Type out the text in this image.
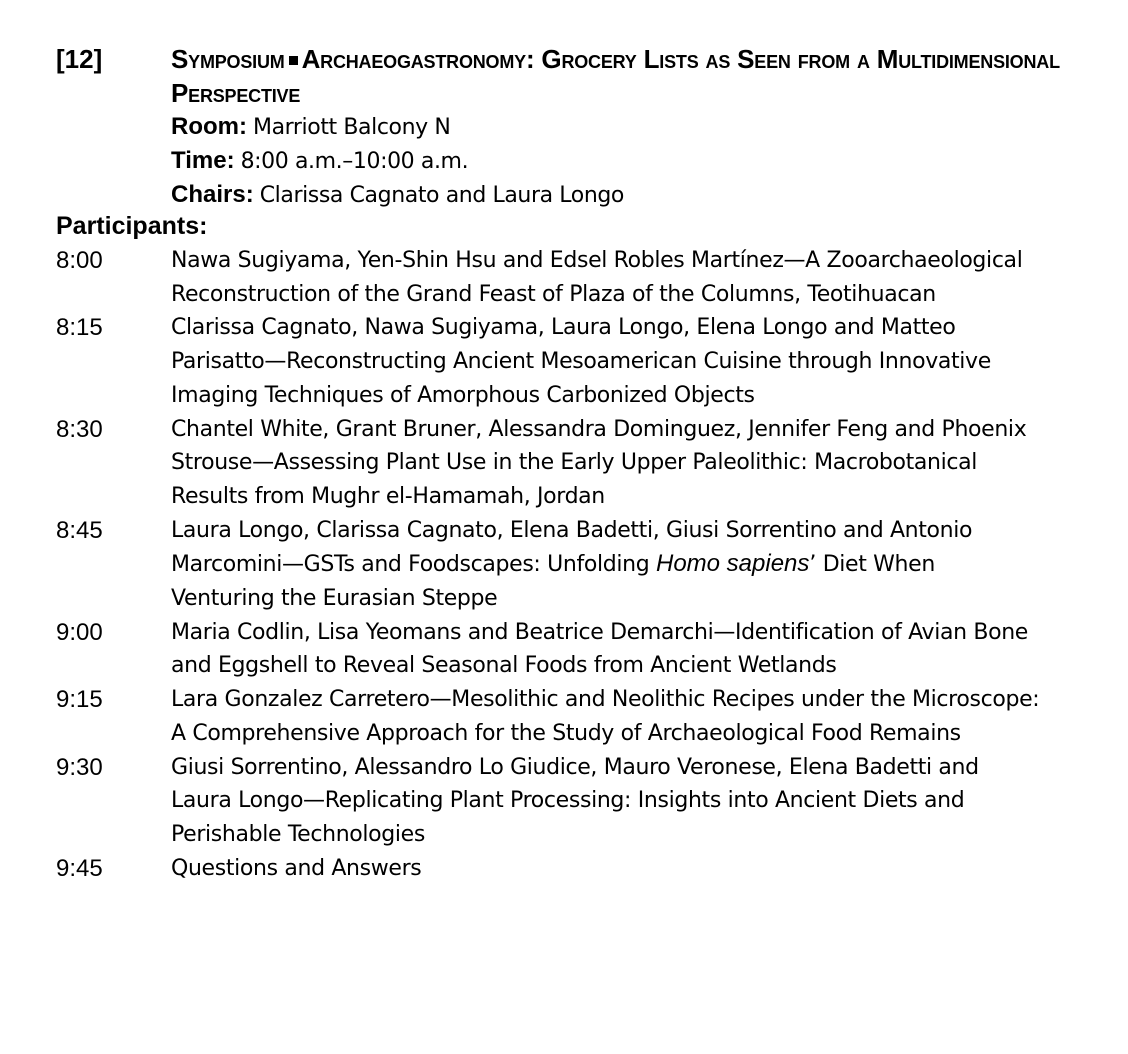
[12]	Symposium Archaeogastronomy: Grocery Lists as Seen from a Multidimensional Perspective
Room: Marriott Balcony N
Time: 8:00 a.m.–10:00 a.m.
Chairs: Clarissa Cagnato and Laura Longo
Participants:
8:00	Nawa Sugiyama, Yen-Shin Hsu and Edsel Robles Martínez—A Zooarchaeological Reconstruction of the Grand Feast of Plaza of the Columns, Teotihuacan
8:15	Clarissa Cagnato, Nawa Sugiyama, Laura Longo, Elena Longo and Matteo Parisatto—Reconstructing Ancient Mesoamerican Cuisine through Innovative Imaging Techniques of Amorphous Carbonized Objects
8:30	Chantel White, Grant Bruner, Alessandra Dominguez, Jennifer Feng and Phoenix Strouse—Assessing Plant Use in the Early Upper Paleolithic: Macrobotanical Results from Mughr el-Hamamah, Jordan
8:45	Laura Longo, Clarissa Cagnato, Elena Badetti, Giusi Sorrentino and Antonio Marcomini—GSTs and Foodscapes: Unfolding Homo sapiens’ Diet When Venturing the Eurasian Steppe
9:00	Maria Codlin, Lisa Yeomans and Beatrice Demarchi—Identification of Avian Bone and Eggshell to Reveal Seasonal Foods from Ancient Wetlands
9:15	Lara Gonzalez Carretero—Mesolithic and Neolithic Recipes under the Microscope: A Comprehensive Approach for the Study of Archaeological Food Remains
9:30	Giusi Sorrentino, Alessandro Lo Giudice, Mauro Veronese, Elena Badetti and Laura Longo—Replicating Plant Processing: Insights into Ancient Diets and Perishable Technologies
9:45	Questions and Answers
